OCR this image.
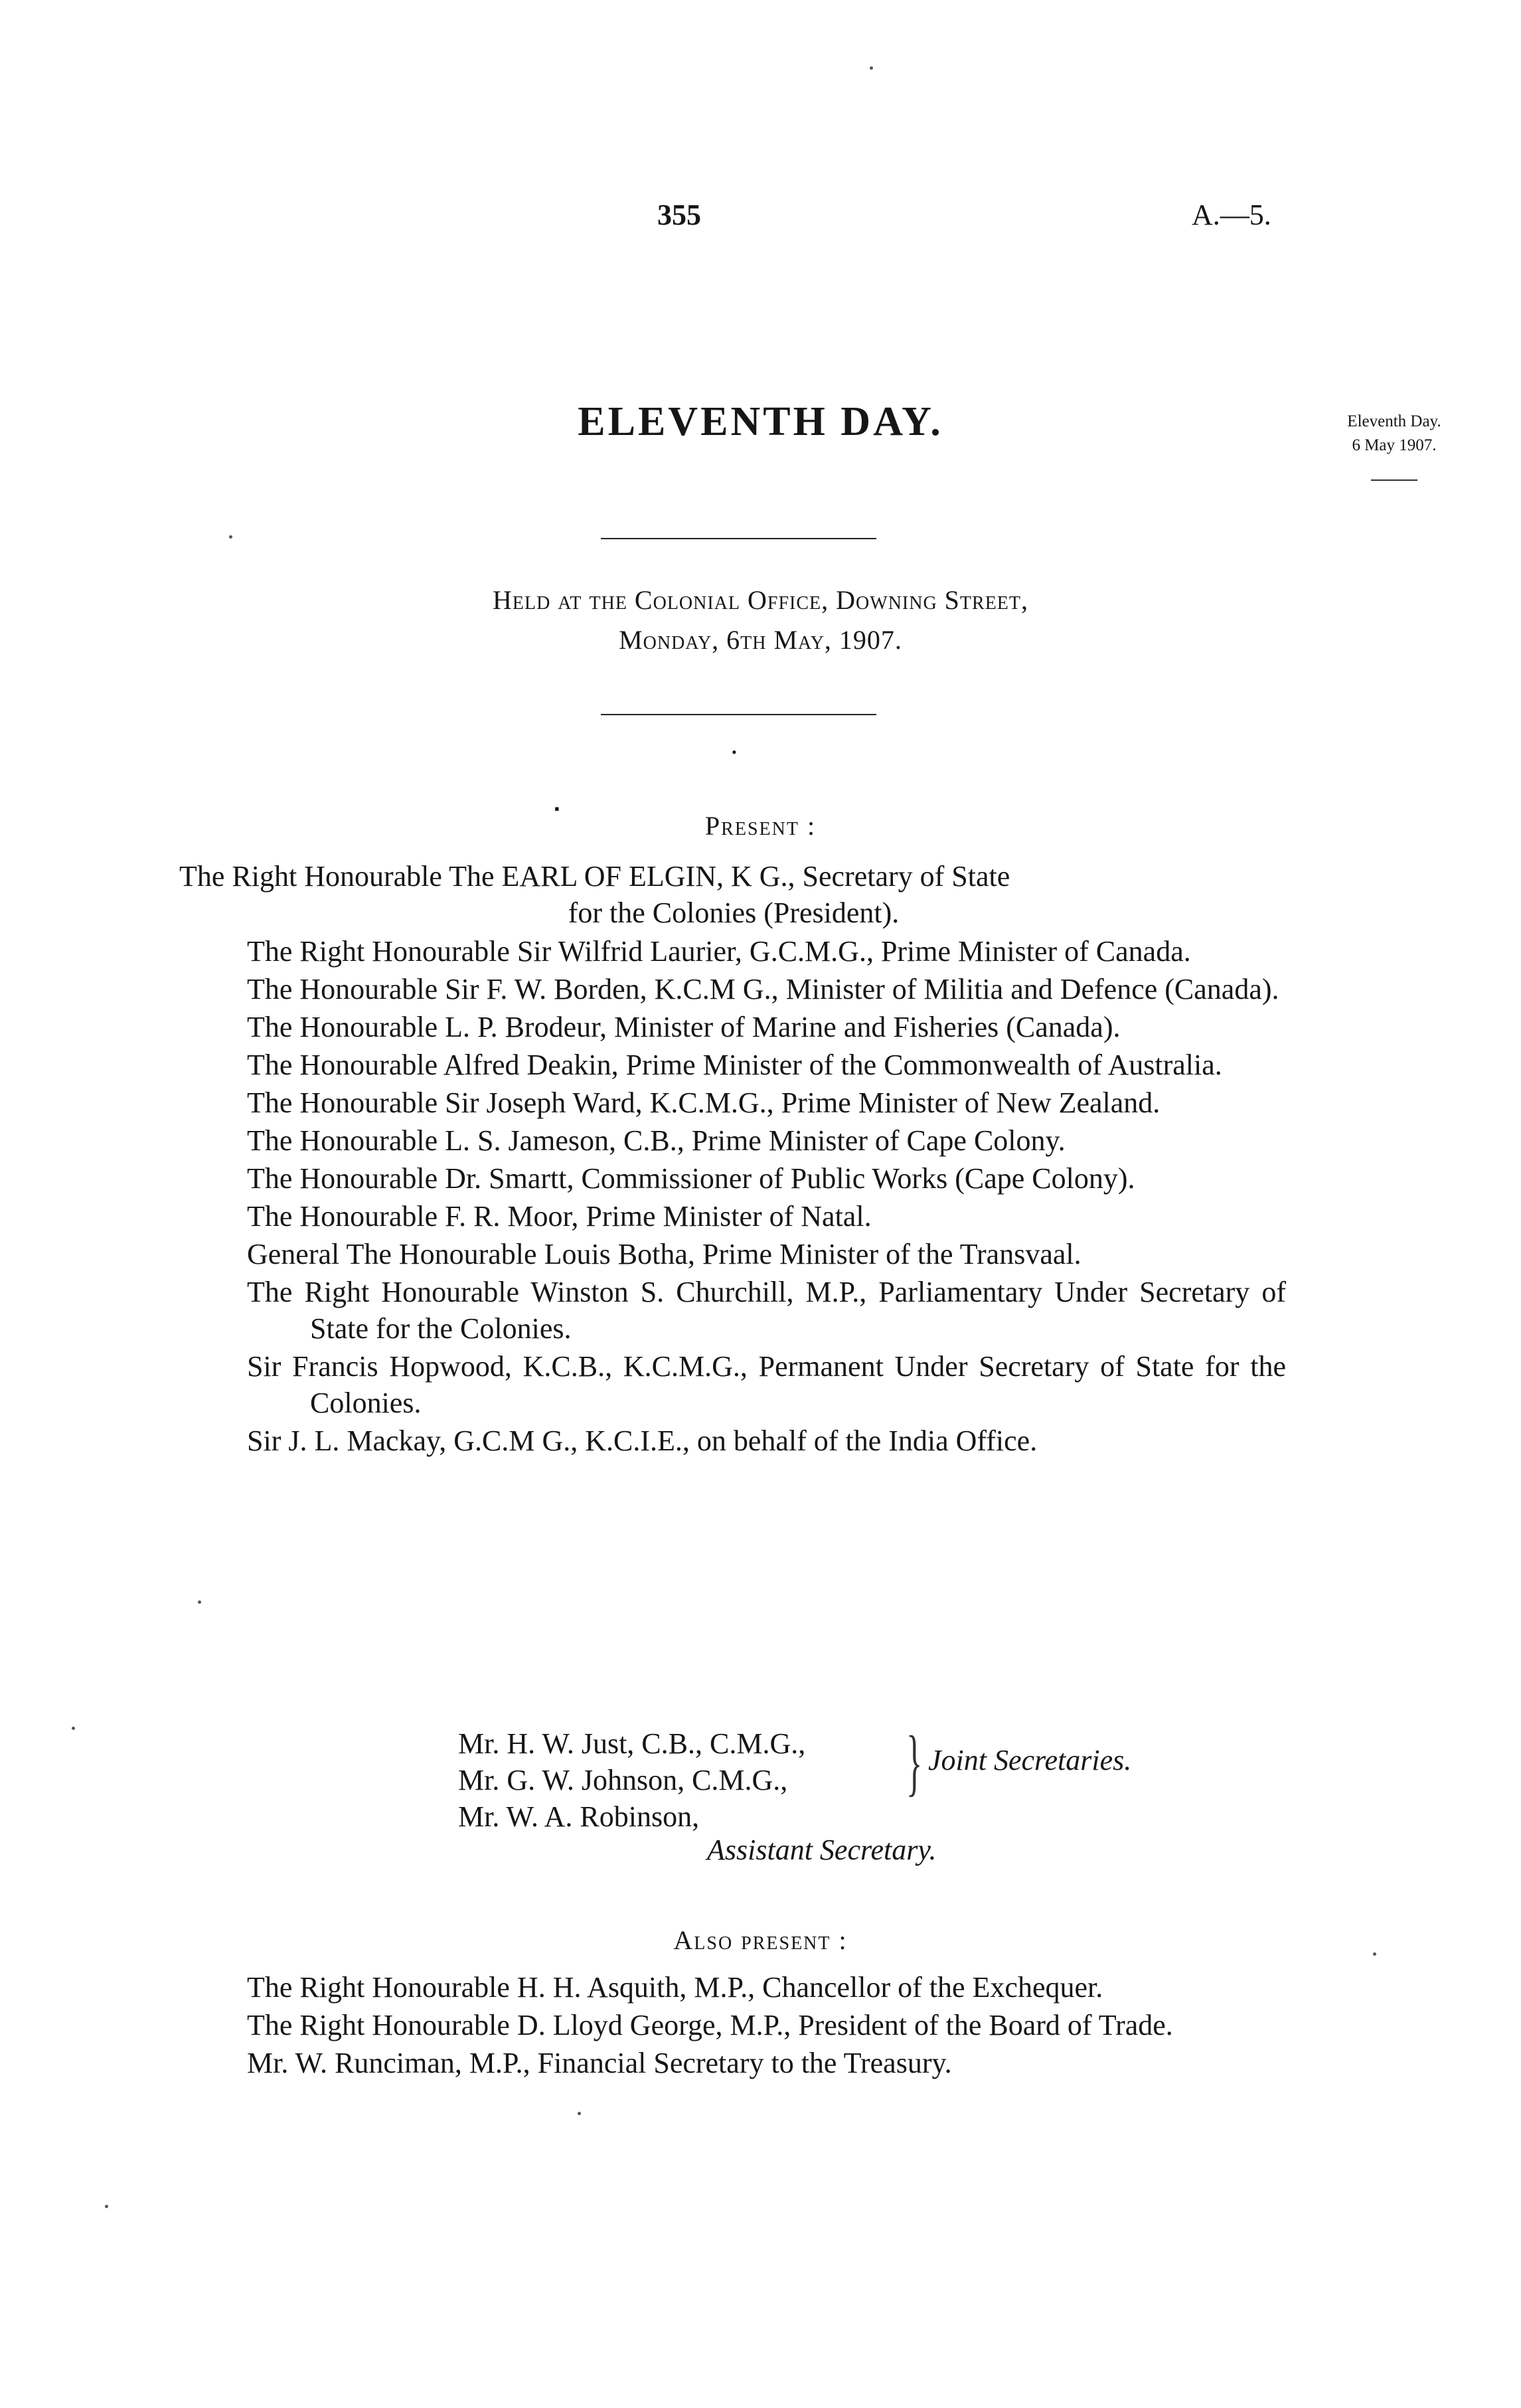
355	A.—5.
ELEVENTH DAY.	Eleventh Day.
6 May 1907.
Held at the Colonial Office, Downing Street,
Monday, 6th May, 1907.
•
▪
Present :
The Right Honourable The EARL OF ELGIN, K G., Secretary of State
for the Colonies (President).
The Right Honourable Sir Wilfrid Laurier, G.C.M.G., Prime Minister of Canada.
The Honourable Sir F. W. Borden, K.C.M G., Minister of Militia and Defence (Canada).
The Honourable L. P. Brodeur, Minister of Marine and Fisheries (Canada).
The Honourable Alfred Deakin, Prime Minister of the Commonwealth of Australia.
The Honourable Sir Joseph Ward, K.C.M.G., Prime Minister of New Zealand.
The Honourable L. S. Jameson, C.B., Prime Minister of Cape Colony.
The Honourable Dr. Smartt, Commissioner of Public Works (Cape Colony).
The Honourable F. R. Moor, Prime Minister of Natal.
General The Honourable Louis Botha, Prime Minister of the Transvaal.
The Right Honourable Winston S. Churchill, M.P., Parliamentary Under Secretary of State for the Colonies.
Sir Francis Hopwood, K.C.B., K.C.M.G., Permanent Under Secretary of State for the Colonies.
Sir J. L. Mackay, G.C.M G., K.C.I.E., on behalf of the India Office.
Mr. H. W. Just, C.B., C.M.G.,
Mr. G. W. Johnson, C.M.G.,
Mr. W. A. Robinson,
} Joint Secretaries.
Assistant Secretary.
Also present :
The Right Honourable H. H. Asquith, M.P., Chancellor of the Exchequer.
The Right Honourable D. Lloyd George, M.P., President of the Board of Trade.
Mr. W. Runciman, M.P., Financial Secretary to the Treasury.
